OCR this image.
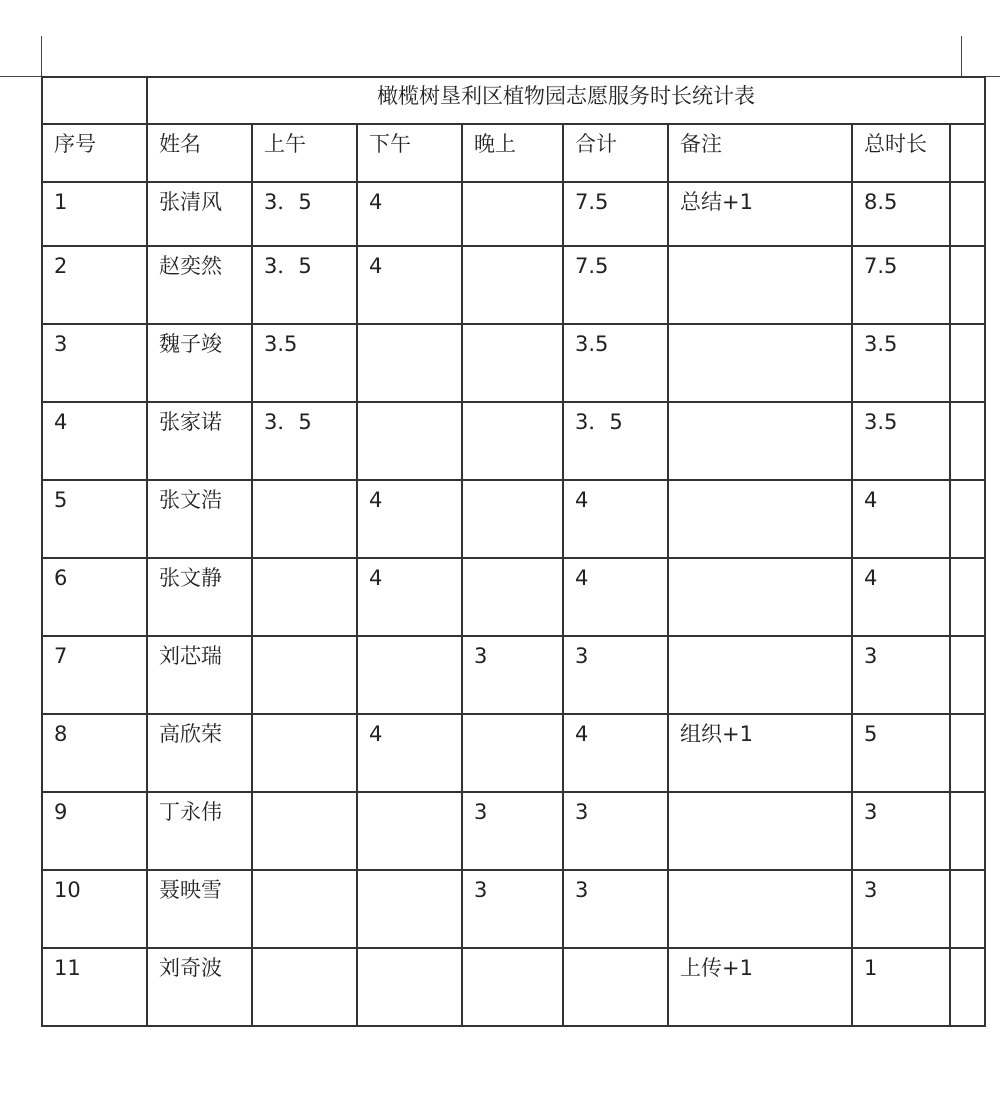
	橄榄树垦利区植物园志愿服务时长统计表							
序号	姓名	上午	下午	晚上	合计	备注	总时长	
1	张清风	3．5	4		7.5	总结+1	8.5	
2	赵奕然	3．5	4		7.5		7.5	
3	魏子竣	3.5			3.5		3.5	
4	张家诺	3．5			3．5		3.5	
5	张文浩		4		4		4	
6	张文静		4		4		4	
7	刘芯瑞			3	3		3	
8	高欣荣		4		4	组织+1	5	
9	丁永伟			3	3		3	
10	聂映雪			3	3		3	
11	刘奇波					上传+1	1	
